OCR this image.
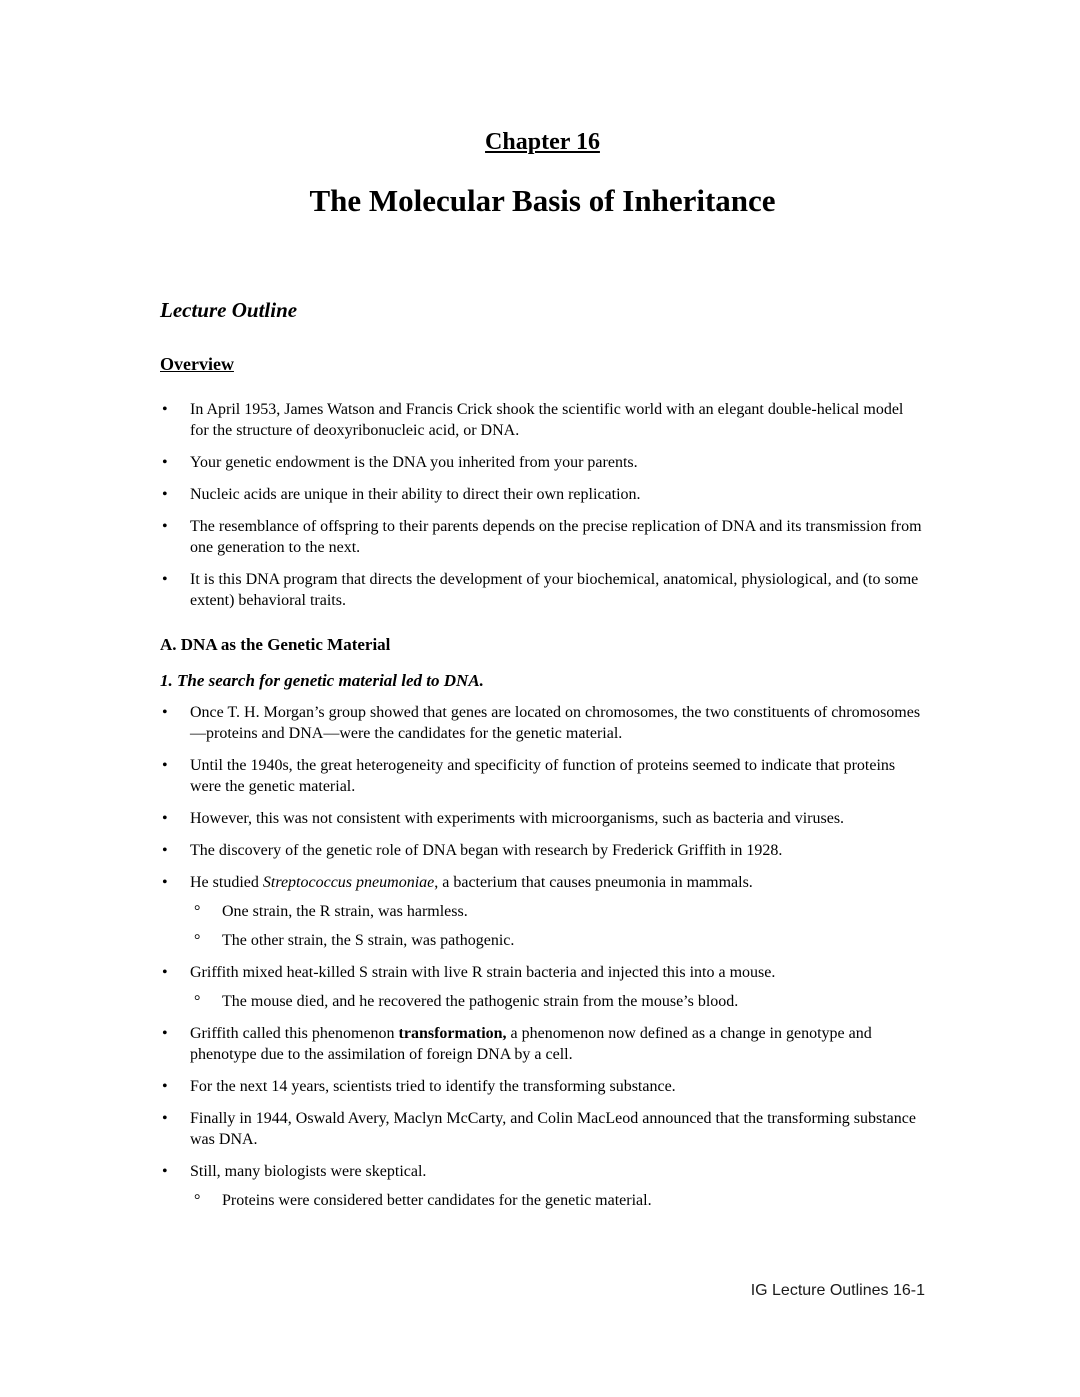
Chapter 16
The Molecular Basis of Inheritance
Lecture Outline
Overview
• In April 1953, James Watson and Francis Crick shook the scientific world with an elegant double-helical model for the structure of deoxyribonucleic acid, or DNA.
• Your genetic endowment is the DNA you inherited from your parents.
• Nucleic acids are unique in their ability to direct their own replication.
• The resemblance of offspring to their parents depends on the precise replication of DNA and its transmission from one generation to the next.
• It is this DNA program that directs the development of your biochemical, anatomical, physiological, and (to some extent) behavioral traits.
A. DNA as the Genetic Material
1. The search for genetic material led to DNA.
• Once T. H. Morgan’s group showed that genes are located on chromosomes, the two constituents of chromosomes—proteins and DNA—were the candidates for the genetic material.
• Until the 1940s, the great heterogeneity and specificity of function of proteins seemed to indicate that proteins were the genetic material.
• However, this was not consistent with experiments with microorganisms, such as bacteria and viruses.
• The discovery of the genetic role of DNA began with research by Frederick Griffith in 1928.
• He studied Streptococcus pneumoniae, a bacterium that causes pneumonia in mammals.
° One strain, the R strain, was harmless.
° The other strain, the S strain, was pathogenic.
• Griffith mixed heat-killed S strain with live R strain bacteria and injected this into a mouse.
° The mouse died, and he recovered the pathogenic strain from the mouse’s blood.
• Griffith called this phenomenon transformation, a phenomenon now defined as a change in genotype and phenotype due to the assimilation of foreign DNA by a cell.
• For the next 14 years, scientists tried to identify the transforming substance.
• Finally in 1944, Oswald Avery, Maclyn McCarty, and Colin MacLeod announced that the transforming substance was DNA.
• Still, many biologists were skeptical.
° Proteins were considered better candidates for the genetic material.
IG Lecture Outlines 16-1
